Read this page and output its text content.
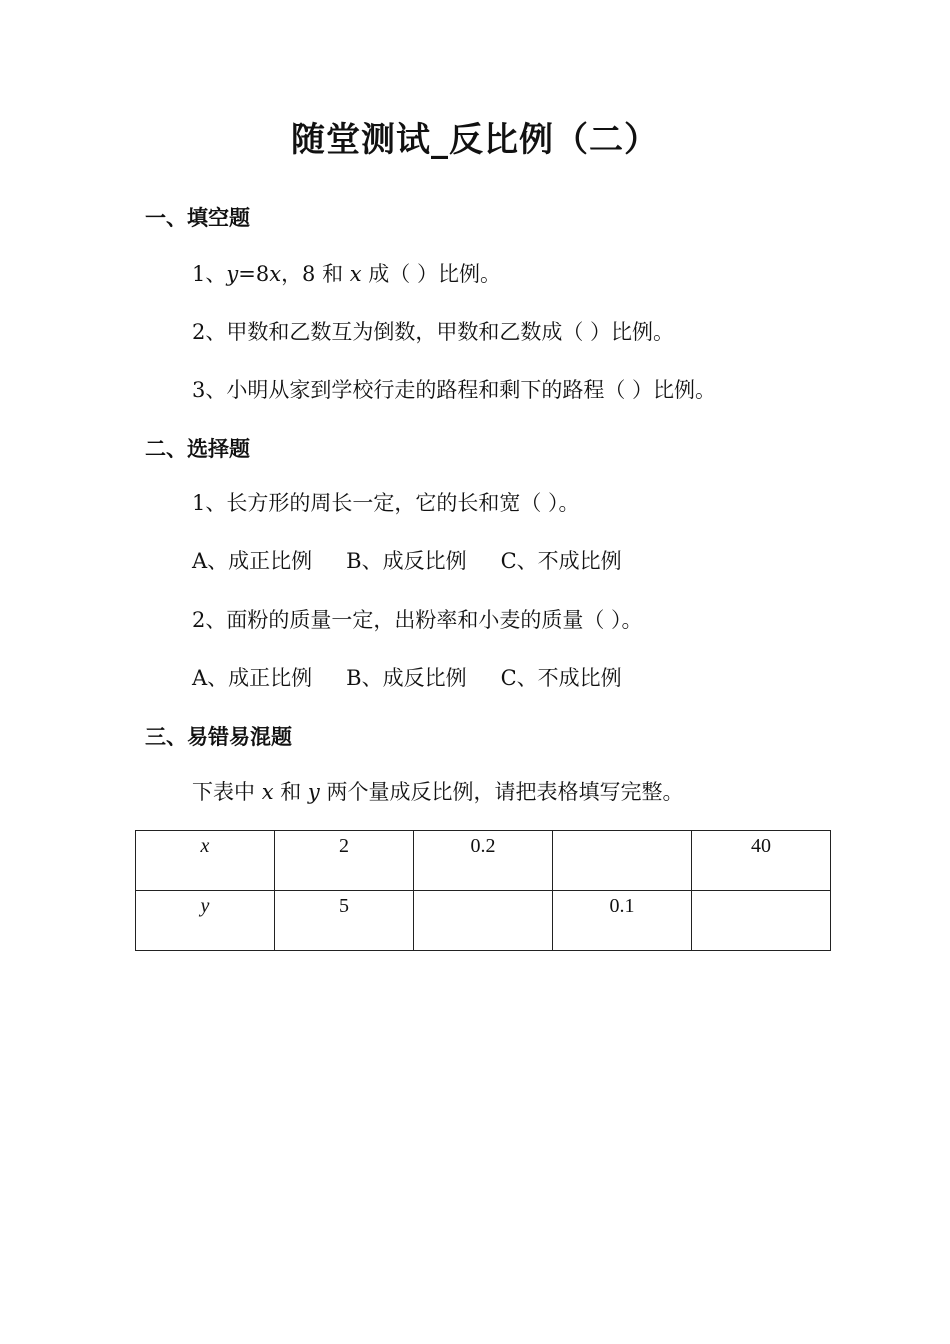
随堂测试_反比例（二）
一、填空题
1、y=8x，8 和 x 成（ ）比例。
2、甲数和乙数互为倒数，甲数和乙数成（ ）比例。
3、小明从家到学校行走的路程和剩下的路程（ ）比例。
二、选择题
1、长方形的周长一定，它的长和宽（ ）。
A、成正比例 B、成反比例 C、不成比例
2、面粉的质量一定，出粉率和小麦的质量（ ）。
A、成正比例 B、成反比例 C、不成比例
三、易错易混题
下表中 x 和 y 两个量成反比例，请把表格填写完整。
x	2	0.2		40
y	5		0.1	
